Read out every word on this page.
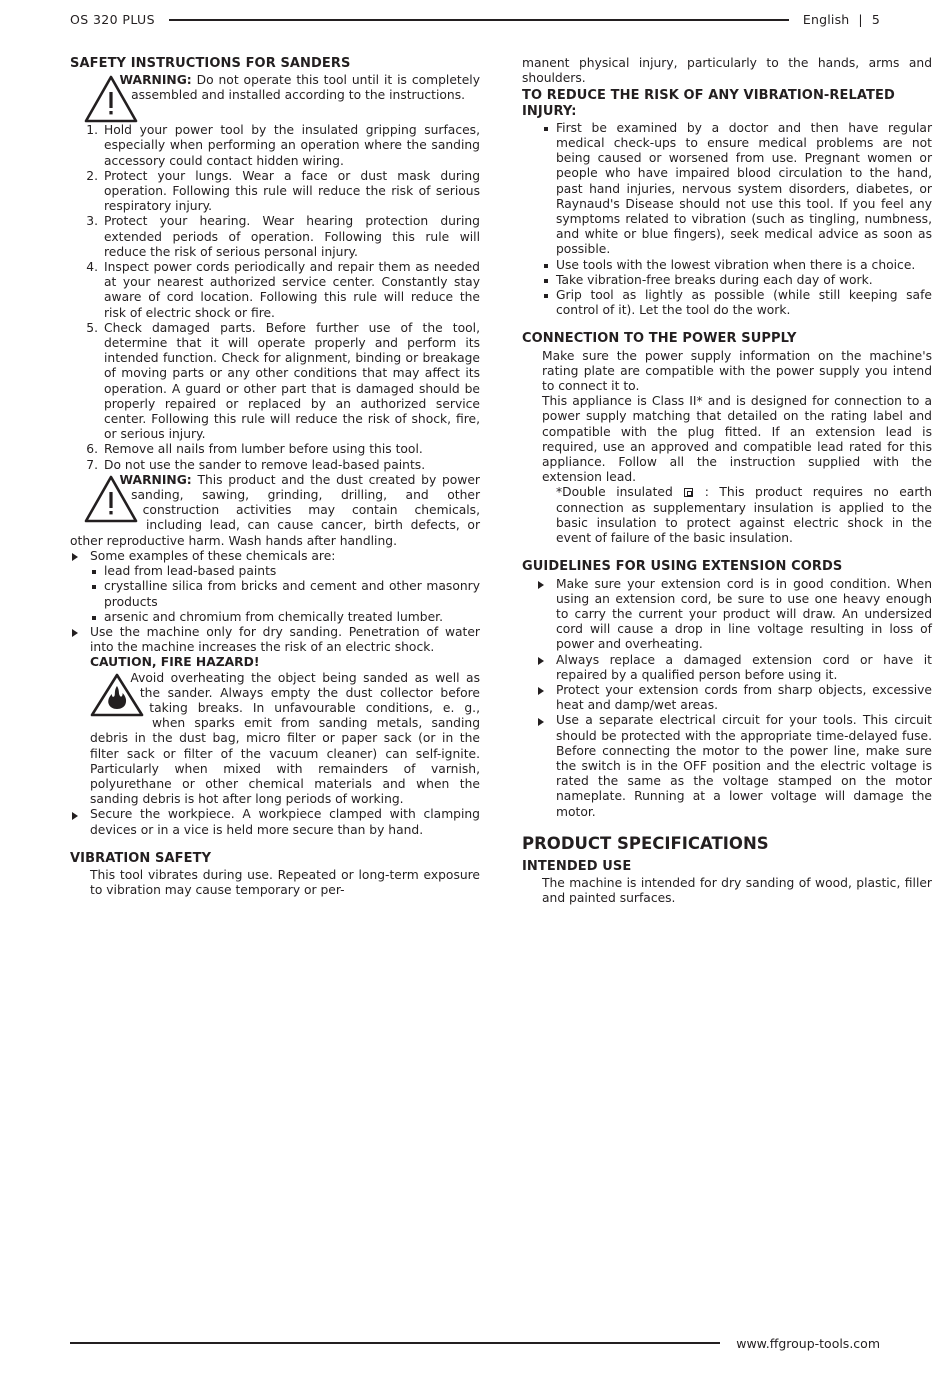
OS 320 PLUS	English | 5
SAFETY INSTRUCTIONS FOR SANDERS

WARNING: Do not operate this tool until it is completely assembled and installed according to the instructions.

1. Hold your power tool by the insulated gripping surfaces, especially when performing an operation where the sanding accessory could contact hidden wiring.
2. Protect your lungs. Wear a face or dust mask during operation. Following this rule will reduce the risk of serious respiratory injury.
3. Protect your hearing. Wear hearing protection during extended periods of operation. Following this rule will reduce the risk of serious personal injury.
4. Inspect power cords periodically and repair them as needed at your nearest authorized service center. Constantly stay aware of cord location. Following this rule will reduce the risk of electric shock or fire.
5. Check damaged parts. Before further use of the tool, determine that it will operate properly and perform its intended function. Check for alignment, binding or breakage of moving parts or any other conditions that may affect its operation. A guard or other part that is damaged should be properly repaired or replaced by an authorized service center. Following this rule will reduce the risk of shock, fire, or serious injury.
6. Remove all nails from lumber before using this tool.
7. Do not use the sander to remove lead-based paints.

WARNING: This product and the dust created by power sanding, sawing, grinding, drilling, and other construction activities may contain chemicals, including lead, can cause cancer, birth defects, or other reproductive harm. Wash hands after handling.

Some examples of these chemicals are:
lead from lead-based paints
crystalline silica from bricks and cement and other masonry products
arsenic and chromium from chemically treated lumber.
Use the machine only for dry sanding. Penetration of water into the machine increases the risk of an electric shock.

CAUTION, FIRE HAZARD!

Avoid overheating the object being sanded as well as the sander. Always empty the dust collector before taking breaks. In unfavourable conditions, e. g., when sparks emit from sanding metals, sanding debris in the dust bag, micro filter or paper sack (or in the filter sack or filter of the vacuum cleaner) can self-ignite. Particularly when mixed with remainders of varnish, polyurethane or other chemical materials and when the sanding debris is hot after long periods of working.

Secure the workpiece. A workpiece clamped with clamping devices or in a vice is held more secure than by hand.
VIBRATION SAFETY

This tool vibrates during use. Repeated or long-term exposure to vibration may cause temporary or per-

manent physical injury, particularly to the hands, arms and shoulders.

TO REDUCE THE RISK OF ANY VIBRATION-RELATED INJURY:
First be examined by a doctor and then have regular medical check-ups to ensure medical problems are not being caused or worsened from use. Pregnant women or people who have impaired blood circulation to the hand, past hand injuries, nervous system disorders, diabetes, or Raynaud's Disease should not use this tool. If you feel any symptoms related to vibration (such as tingling, numbness, and white or blue fingers), seek medical advice as soon as possible.
Use tools with the lowest vibration when there is a choice.
Take vibration-free breaks during each day of work.
Grip tool as lightly as possible (while still keeping safe control of it). Let the tool do the work.
CONNECTION TO THE POWER SUPPLY

Make sure the power supply information on the machine's rating plate are compatible with the power supply you intend to connect it to.

This appliance is Class II* and is designed for connection to a power supply matching that detailed on the rating label and compatible with the plug fitted. If an extension lead is required, use an approved and compatible lead rated for this appliance. Follow all the instruction supplied with the extension lead.

*Double insulated  : This product requires no earth connection as supplementary insulation is applied to the basic insulation to protect against electric shock in the event of failure of the basic insulation.

GUIDELINES FOR USING EXTENSION CORDS
Make sure your extension cord is in good condition. When using an extension cord, be sure to use one heavy enough to carry the current your product will draw. An undersized cord will cause a drop in line voltage resulting in loss of power and overheating.
Always replace a damaged extension cord or have it repaired by a qualified person before using it.
Protect your extension cords from sharp objects, excessive heat and damp/wet areas.
Use a separate electrical circuit for your tools. This circuit should be protected with the appropriate time-delayed fuse. Before connecting the motor to the power line, make sure the switch is in the OFF position and the electric voltage is rated the same as the voltage stamped on the motor nameplate. Running at a lower voltage will damage the motor.
PRODUCT SPECIFICATIONS
INTENDED USE

The machine is intended for dry sanding of wood, plastic, filler and painted surfaces.

www.ffgroup-tools.com
